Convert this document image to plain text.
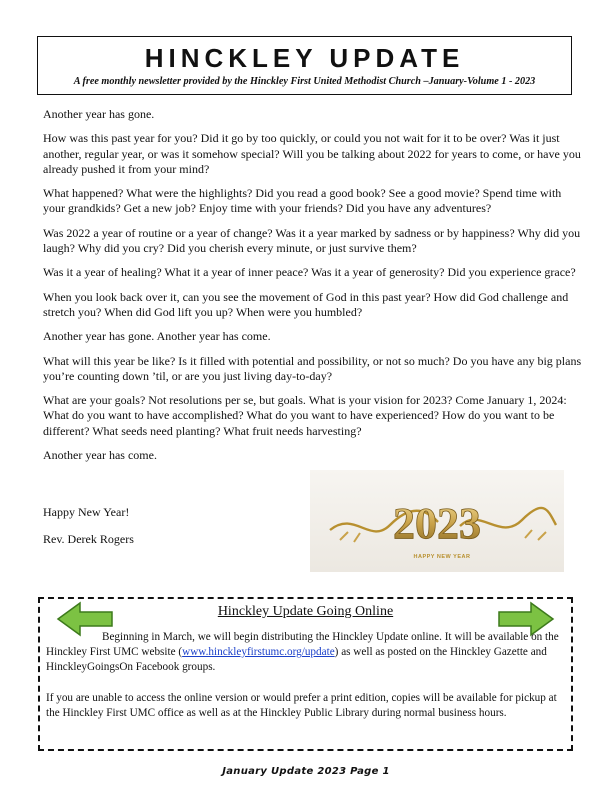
HINCKLEY UPDATE
A free monthly newsletter provided by the Hinckley First United Methodist Church –January-Volume 1 - 2023

Another year has gone.

How was this past year for you? Did it go by too quickly, or could you not wait for it to be over? Was it just another, regular year, or was it somehow special? Will you be talking about 2022 for years to come, or have you already pushed it from your mind?

What happened? What were the highlights? Did you read a good book? See a good movie? Spend time with your grandkids? Get a new job? Enjoy time with your friends? Did you have any adventures?

Was 2022 a year of routine or a year of change? Was it a year marked by sadness or by happiness? Why did you laugh? Why did you cry? Did you cherish every minute, or just survive them?

Was it a year of healing? What it a year of inner peace? Was it a year of generosity? Did you experience grace?

When you look back over it, can you see the movement of God in this past year? How did God challenge and stretch you? When did God lift you up? When were you humbled?

Another year has gone. Another year has come.

What will this year be like? Is it filled with potential and possibility, or not so much? Do you have any big plans you’re counting down ’til, or are you just living day-to-day?

What are your goals? Not resolutions per se, but goals. What is your vision for 2023? Come January 1, 2024: What do you want to have accomplished? What do you want to have experienced? How do you want to be different? What seeds need planting? What fruit needs harvesting?

Another year has come.

Happy New Year!
Rev. Derek Rogers	2023
HAPPY NEW YEAR
Hinckley Update Going Online

Beginning in March, we will begin distributing the Hinckley Update online. It will be available on the Hinckley First UMC website (www.hinckleyfirstumc.org/update) as well as posted on the Hinckley Gazette and HinckleyGoingsOn Facebook groups.

If you are unable to access the online version or would prefer a print edition, copies will be available for pickup at the Hinckley First UMC office as well as at the Hinckley Public Library during normal business hours.

January Update 2023 Page 1
